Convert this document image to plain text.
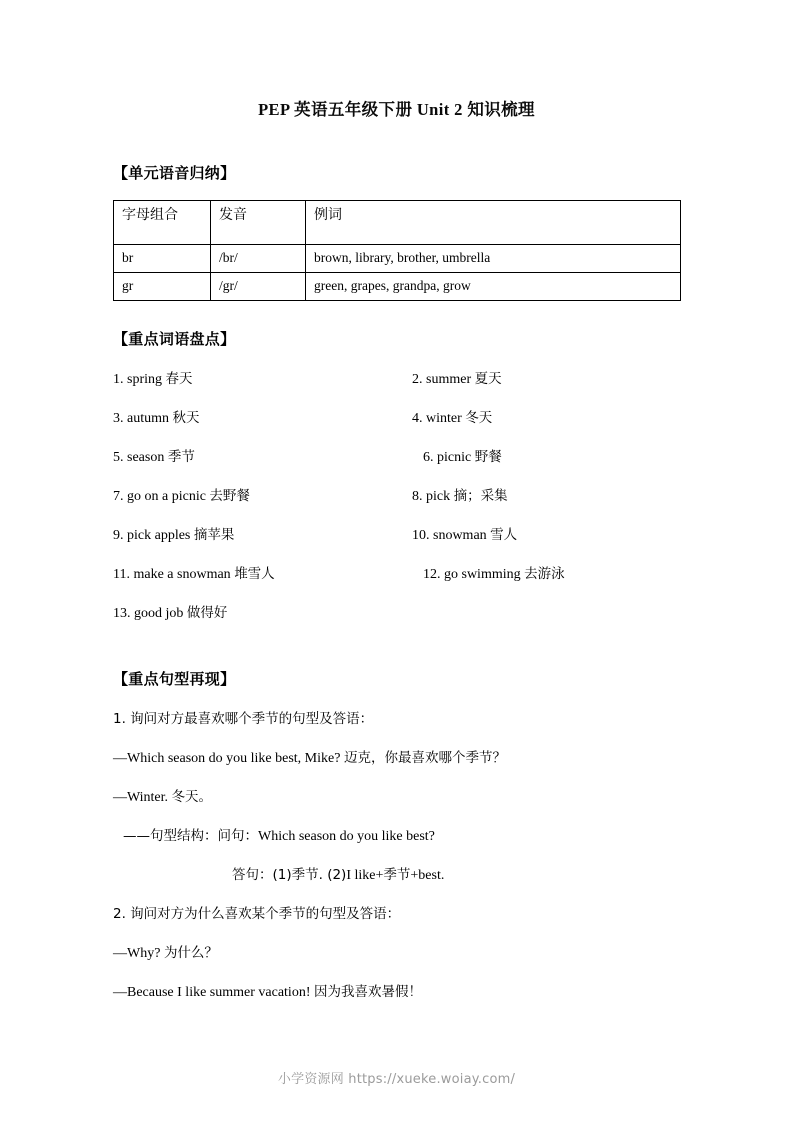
PEP 英语五年级下册 Unit 2 知识梳理
【单元语音归纳】
字母组合	发音	例词
br	/br/	brown, library, brother, umbrella
gr	/gr/	green, grapes, grandpa, grow
【重点词语盘点】
1. spring 春天	2. summer 夏天
3. autumn 秋天	4. winter 冬天
5. season 季节	6. picnic 野餐
7. go on a picnic 去野餐	8. pick 摘；采集
9. pick apples 摘苹果	10. snowman 雪人
11. make a snowman 堆雪人	12. go swimming 去游泳
13. good job 做得好
【重点句型再现】
1. 询问对方最喜欢哪个季节的句型及答语：
—Which season do you like best, Mike? 迈克，你最喜欢哪个季节？
—Winter. 冬天。
——句型结构：问句：Which season do you like best?
答句：(1)季节. (2)I like+季节+best.
2. 询问对方为什么喜欢某个季节的句型及答语：
—Why? 为什么？
—Because I like summer vacation! 因为我喜欢暑假！
小学资源网 https://xueke.woiay.com/
